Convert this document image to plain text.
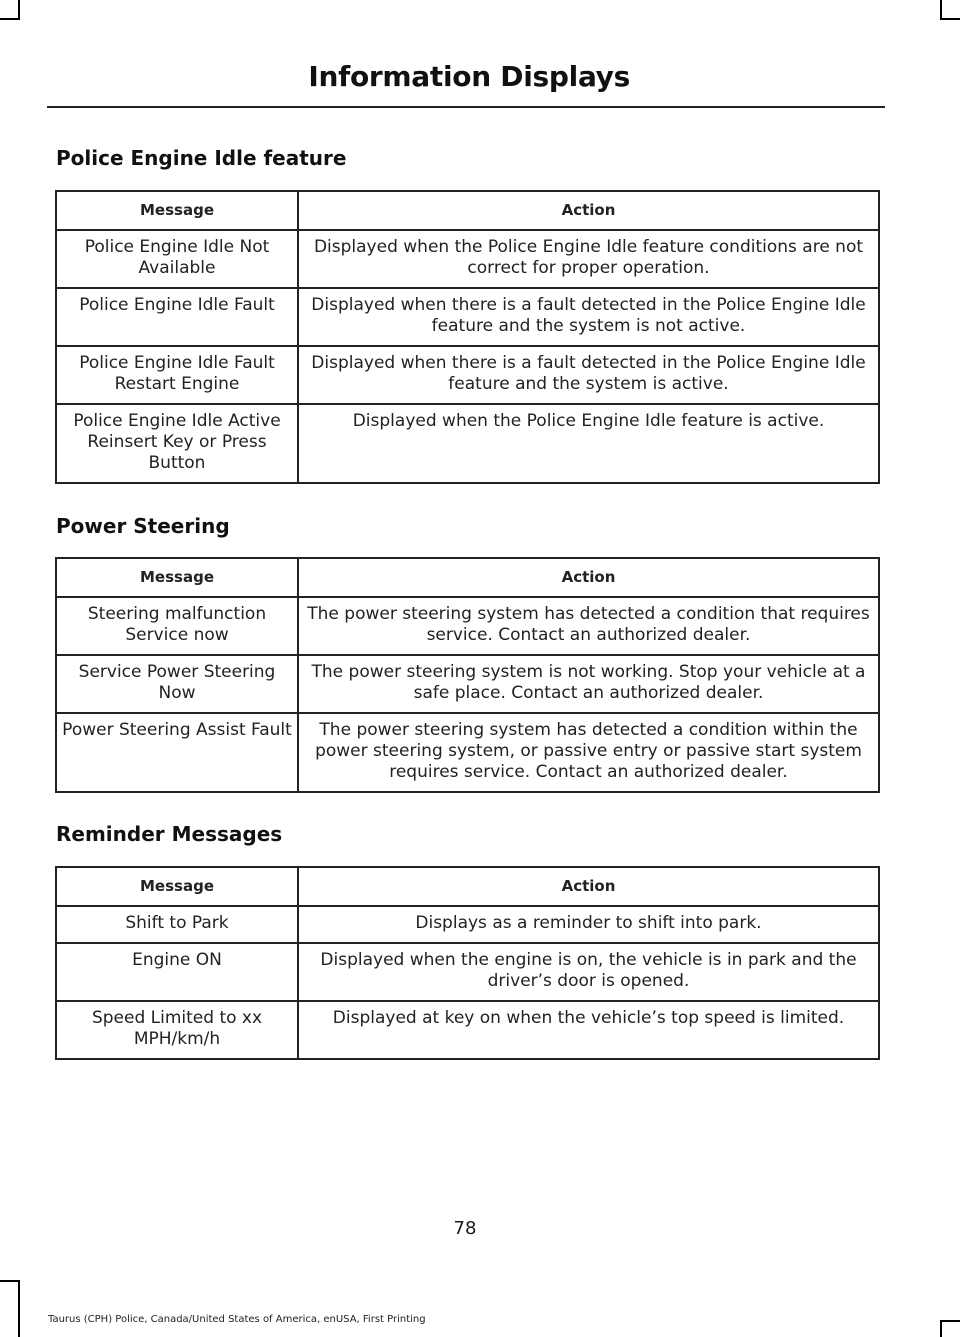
Information Displays
Police Engine Idle feature
Message	Action
Police Engine Idle Not Available	Displayed when the Police Engine Idle feature conditions are not correct for proper operation.
Police Engine Idle Fault	Displayed when there is a fault detected in the Police Engine Idle feature and the system is not active.
Police Engine Idle Fault Restart Engine	Displayed when there is a fault detected in the Police Engine Idle feature and the system is active.
Police Engine Idle Active Reinsert Key or Press Button	Displayed when the Police Engine Idle feature is active.
Power Steering
Message	Action
Steering malfunction Service now	The power steering system has detected a condition that requires service. Contact an authorized dealer.
Service Power Steering Now	The power steering system is not working. Stop your vehicle at a safe place. Contact an authorized dealer.
Power Steering Assist Fault	The power steering system has detected a condition within the power steering system, or passive entry or passive start system requires service. Contact an authorized dealer.
Reminder Messages
Message	Action
Shift to Park	Displays as a reminder to shift into park.
Engine ON	Displayed when the engine is on, the vehicle is in park and the driver’s door is opened.
Speed Limited to xx MPH/km/h	Displayed at key on when the vehicle’s top speed is limited.
78
Taurus (CPH) Police, Canada/United States of America, enUSA, First Printing
